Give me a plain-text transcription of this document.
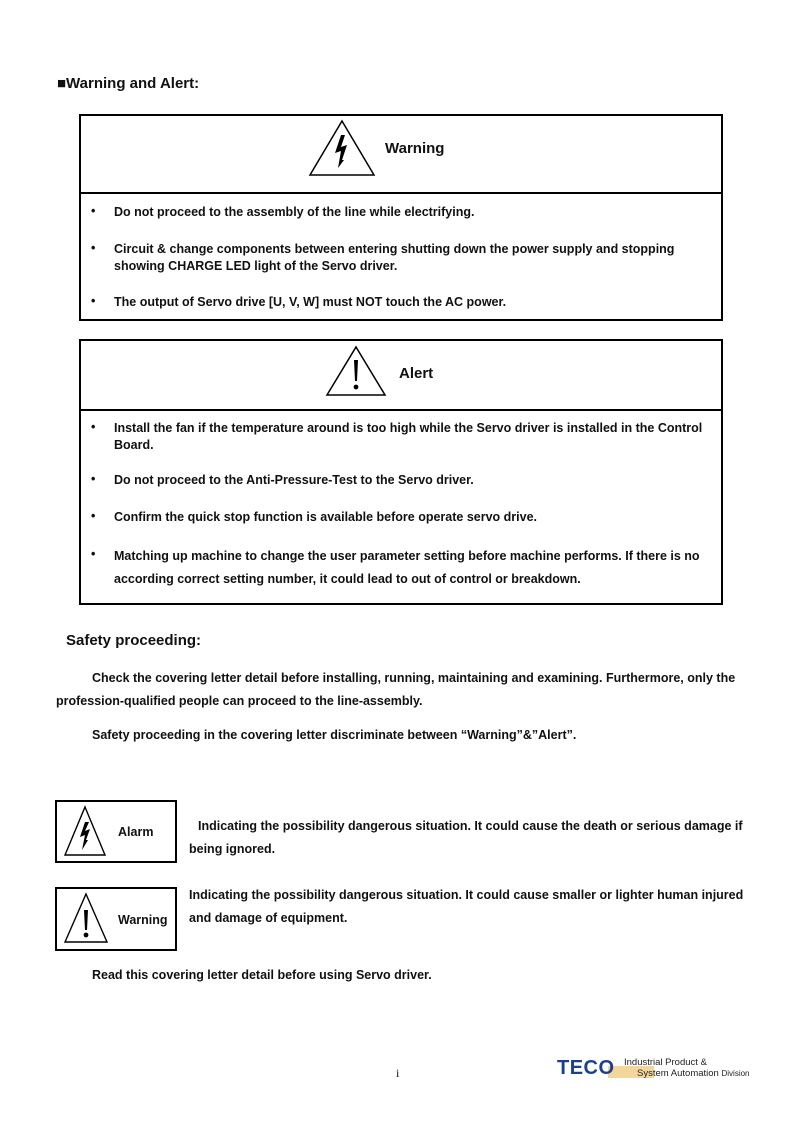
■Warning and Alert:
Warning
• Do not proceed to the assembly of the line while electrifying.
• Circuit & change components between entering shutting down the power supply and stopping showing CHARGE LED light of the Servo driver.
• The output of Servo drive [U, V, W] must NOT touch the AC power.
Alert
• Install the fan if the temperature around is too high while the Servo driver is installed in the Control Board.
• Do not proceed to the Anti-Pressure-Test to the Servo driver.
• Confirm the quick stop function is available before operate servo drive.
• Matching up machine to change the user parameter setting before machine performs. If there is no according correct setting number, it could lead to out of control or breakdown.
Safety proceeding:
Check the covering letter detail before installing, running, maintaining and examining. Furthermore, only the profession-qualified people can proceed to the line-assembly.
Safety proceeding in the covering letter discriminate between “Warning”&”Alert”.
Alarm	Indicating the possibility dangerous situation. It could cause the death or serious damage if being ignored.
Warning
Indicating the possibility dangerous situation. It could cause smaller or lighter human injured and damage of equipment.
Read this covering letter detail before using Servo driver.
i	TECO Industrial Product &
System Automation Division
